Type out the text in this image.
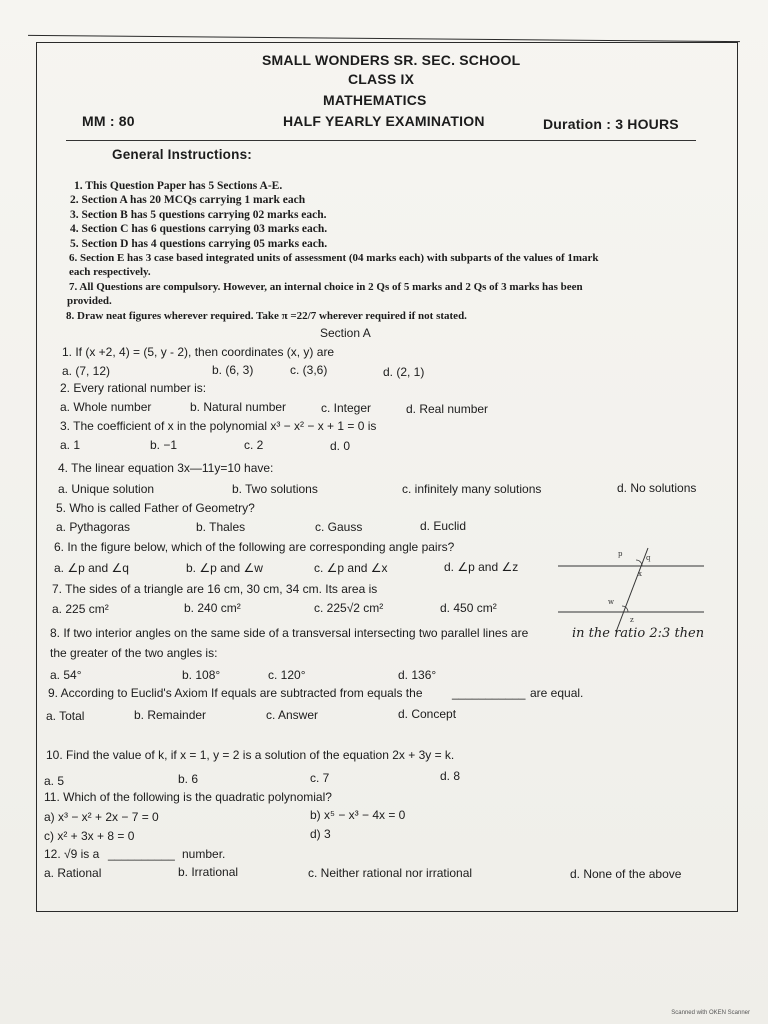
SMALL WONDERS SR. SEC. SCHOOL
CLASS IX
MATHEMATICS
MM : 80	HALF YEARLY EXAMINATION	Duration : 3 HOURS
General Instructions:
1. This Question Paper has 5 Sections A-E.
2. Section A has 20 MCQs carrying 1 mark each
3. Section B has 5 questions carrying 02 marks each.
4. Section C has 6 questions carrying 03 marks each.
5. Section D has 4 questions carrying 05 marks each.
6. Section E has 3 case based integrated units of assessment (04 marks each) with subparts of the values of 1mark
each respectively.
7. All Questions are compulsory. However, an internal choice in 2 Qs of 5 marks and 2 Qs of 3 marks has been
provided.
8. Draw neat figures wherever required. Take π =22/7 wherever required if not stated.
Section A
1. If (x +2, 4) = (5, y - 2), then coordinates (x, y) are
a. (7, 12)	b. (6, 3)	c. (3,6)	d. (2, 1)
2. Every rational number is:
a. Whole number	b. Natural number	c. Integer	d. Real number
3. The coefficient of x in the polynomial x³ − x² − x + 1 = 0 is
a. 1	b. −1	c. 2	d. 0
4. The linear equation 3x—11y=10 have:
a. Unique solution	b. Two solutions	c. infinitely many solutions	d. No solutions
5. Who is called Father of Geometry?
a. Pythagoras	b. Thales	c. Gauss	d. Euclid
6. In the figure below, which of the following are corresponding angle pairs?
a. ∠p and ∠q	b. ∠p and ∠w	c. ∠p and ∠x	d. ∠p and ∠z
7. The sides of a triangle are 16 cm, 30 cm, 34 cm. Its area is
a. 225 cm²	b. 240 cm²	c. 225√2 cm²	d. 450 cm²
p	q
x
w
z
8. If two interior angles on the same side of a transversal intersecting two parallel lines are	in the ratio 2:3 then
the greater of the two angles is:
a. 54°	b. 108°	c. 120°	d. 136°
9. According to Euclid's Axiom If equals are subtracted from equals the ___________ are equal.
a. Total	b. Remainder	c. Answer	d. Concept
10. Find the value of k, if x = 1, y = 2 is a solution of the equation 2x + 3y = k.
a. 5	b. 6	c. 7	d. 8
11. Which of the following is the quadratic polynomial?
a) x³ − x² + 2x − 7 = 0	b) x⁵ − x³ − 4x = 0
c) x² + 3x + 8 = 0	d) 3
12. √9 is a __________ number.
a. Rational	b. Irrational	c. Neither rational nor irrational	d. None of the above
Scanned with OKEN Scanner
